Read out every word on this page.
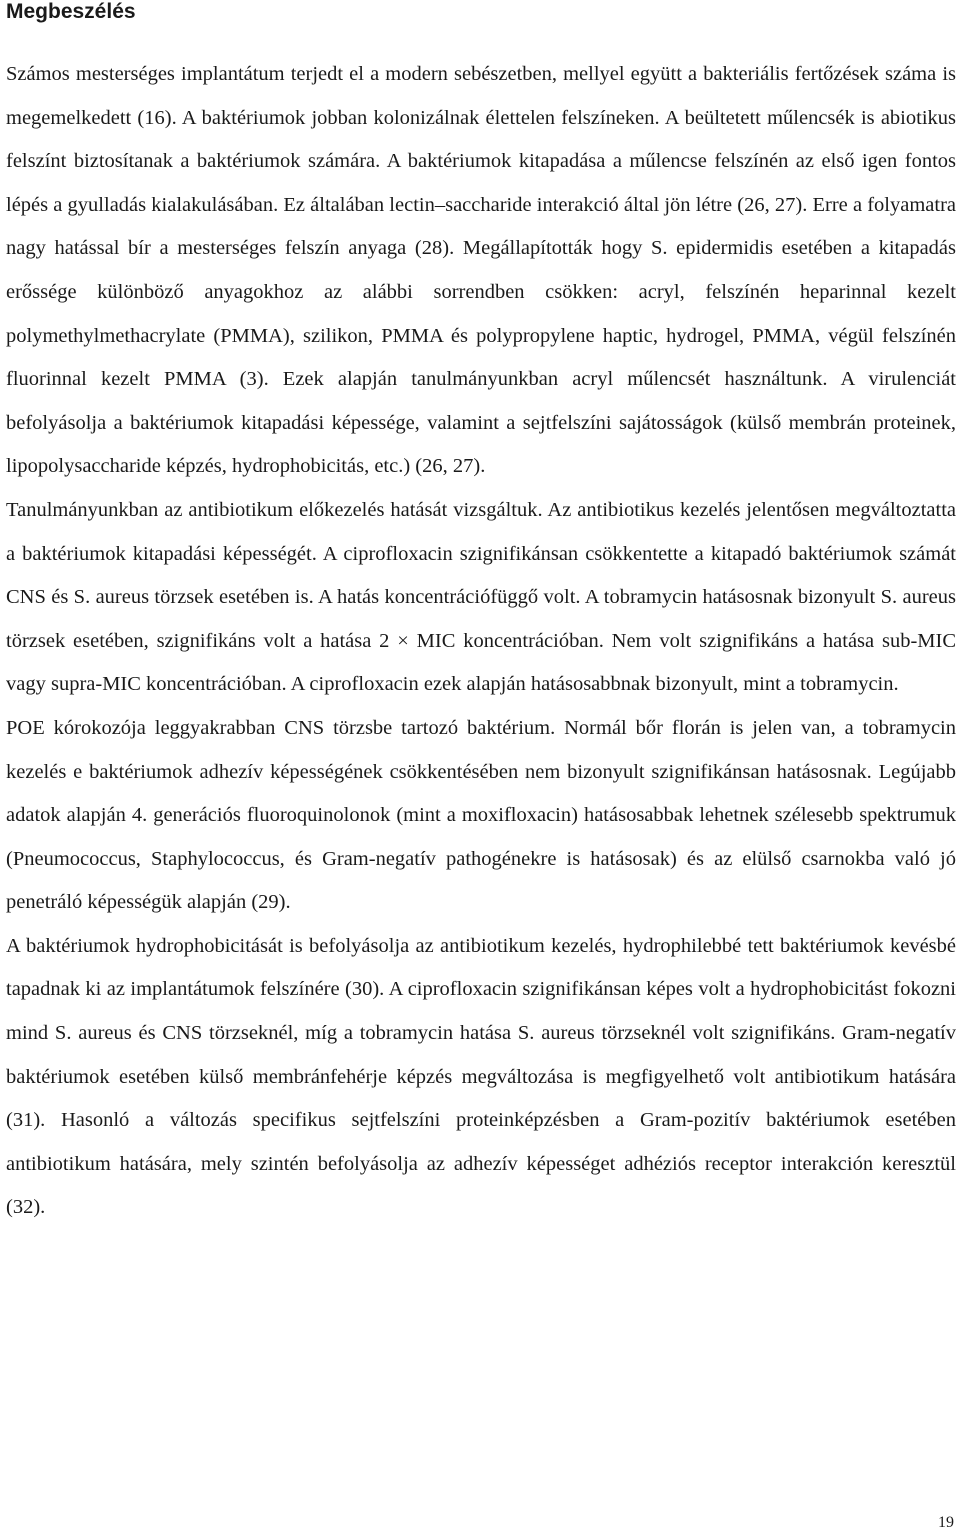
Megbeszélés

Számos mesterséges implantátum terjedt el a modern sebészetben, mellyel együtt a bakteriális fertőzések száma is megemelkedett (16). A baktériumok jobban kolonizálnak élettelen felszíneken. A beültetett műlencsék is abiotikus felszínt biztosítanak a baktériumok számára. A baktériumok kitapadása a műlencse felszínén az első igen fontos lépés a gyulladás kialakulásában. Ez általában lectin–saccharide interakció által jön létre (26, 27). Erre a folyamatra nagy hatással bír a mesterséges felszín anyaga (28). Megállapították hogy S. epidermidis esetében a kitapadás erőssége különböző anyagokhoz az alábbi sorrendben csökken: acryl, felszínén heparinnal kezelt polymethylmethacrylate (PMMA), szilikon, PMMA és polypropylene haptic, hydrogel, PMMA, végül felszínén fluorinnal kezelt PMMA (3). Ezek alapján tanulmányunkban acryl műlencsét használtunk. A virulenciát befolyásolja a baktériumok kitapadási képessége, valamint a sejtfelszíni sajátosságok (külső membrán proteinek, lipopolysaccharide képzés, hydrophobicitás, etc.) (26, 27).

Tanulmányunkban az antibiotikum előkezelés hatását vizsgáltuk. Az antibiotikus kezelés jelentősen megváltoztatta a baktériumok kitapadási képességét. A ciprofloxacin szignifikánsan csökkentette a kitapadó baktériumok számát CNS és S. aureus törzsek esetében is. A hatás koncentrációfüggő volt. A tobramycin hatásosnak bizonyult S. aureus törzsek esetében, szignifikáns volt a hatása 2 × MIC koncentrációban. Nem volt szignifikáns a hatása sub-MIC vagy supra-MIC koncentrációban. A ciprofloxacin ezek alapján hatásosabbnak bizonyult, mint a tobramycin.

POE kórokozója leggyakrabban CNS törzsbe tartozó baktérium. Normál bőr florán is jelen van, a tobramycin kezelés e baktériumok adhezív képességének csökkentésében nem bizonyult szignifikánsan hatásosnak. Legújabb adatok alapján 4. generációs fluoroquinolonok (mint a moxifloxacin) hatásosabbak lehetnek szélesebb spektrumuk (Pneumococcus, Staphylococcus, és Gram-negatív pathogénekre is hatásosak) és az elülső csarnokba való jó penetráló képességük alapján (29).

A baktériumok hydrophobicitását is befolyásolja az antibiotikum kezelés, hydrophilebbé tett baktériumok kevésbé tapadnak ki az implantátumok felszínére (30). A ciprofloxacin szignifikánsan képes volt a hydrophobicitást fokozni mind S. aureus és CNS törzseknél, míg a tobramycin hatása S. aureus törzseknél volt szignifikáns. Gram-negatív baktériumok esetében külső membránfehérje képzés megváltozása is megfigyelhető volt antibiotikum hatására (31). Hasonló a változás specifikus sejtfelszíni proteinképzésben a Gram-pozitív baktériumok esetében antibiotikum hatására, mely szintén befolyásolja az adhezív képességet adhéziós receptor interakción keresztül (32).

19
